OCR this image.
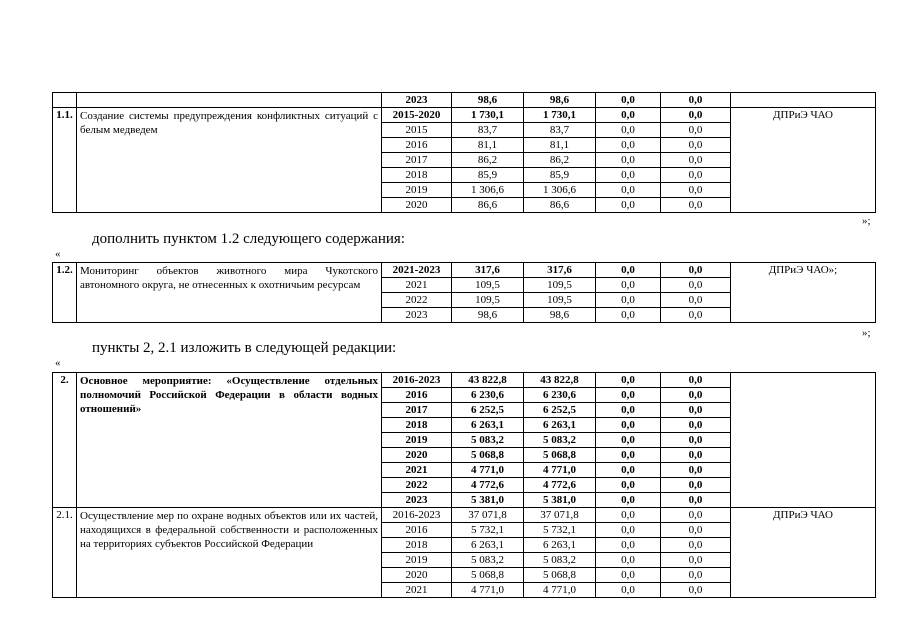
		2023	98,6	98,6	0,0	0,0	
1.1.	Создание системы предупреждения конфликтных ситуаций с белым медведем	2015-2020	1 730,1	1 730,1	0,0	0,0	ДПРиЭ ЧАО
		2015	83,7	83,7	0,0	0,0	
		2016	81,1	81,1	0,0	0,0	
		2017	86,2	86,2	0,0	0,0	
		2018	85,9	85,9	0,0	0,0	
		2019	1 306,6	1 306,6	0,0	0,0	
		2020	86,6	86,6	0,0	0,0	
»;
дополнить пунктом 1.2 следующего содержания:
«
1.2.	Мониторинг объектов животного мира Чукотского автономного округа, не отнесенных к охотничьим ресурсам	2021-2023	317,6	317,6	0,0	0,0	ДПРиЭ ЧАО»;
		2021	109,5	109,5	0,0	0,0	
		2022	109,5	109,5	0,0	0,0	
		2023	98,6	98,6	0,0	0,0	
»;
пункты 2, 2.1 изложить в следующей редакции:
«
2.	Основное мероприятие: «Осуществление отдельных полномочий Российской Федерации в области водных отношений»	2016-2023	43 822,8	43 822,8	0,0	0,0	
		2016	6 230,6	6 230,6	0,0	0,0	
		2017	6 252,5	6 252,5	0,0	0,0	
		2018	6 263,1	6 263,1	0,0	0,0	
		2019	5 083,2	5 083,2	0,0	0,0	
		2020	5 068,8	5 068,8	0,0	0,0	
		2021	4 771,0	4 771,0	0,0	0,0	
		2022	4 772,6	4 772,6	0,0	0,0	
		2023	5 381,0	5 381,0	0,0	0,0	
2.1.	Осуществление мер по охране водных объектов или их частей, находящихся в федеральной собственности и расположенных на территориях субъектов Российской Федерации	2016-2023	37 071,8	37 071,8	0,0	0,0	ДПРиЭ ЧАО
		2016	5 732,1	5 732,1	0,0	0,0	
		2018	6 263,1	6 263,1	0,0	0,0	
		2019	5 083,2	5 083,2	0,0	0,0	
		2020	5 068,8	5 068,8	0,0	0,0	
		2021	4 771,0	4 771,0	0,0	0,0	
